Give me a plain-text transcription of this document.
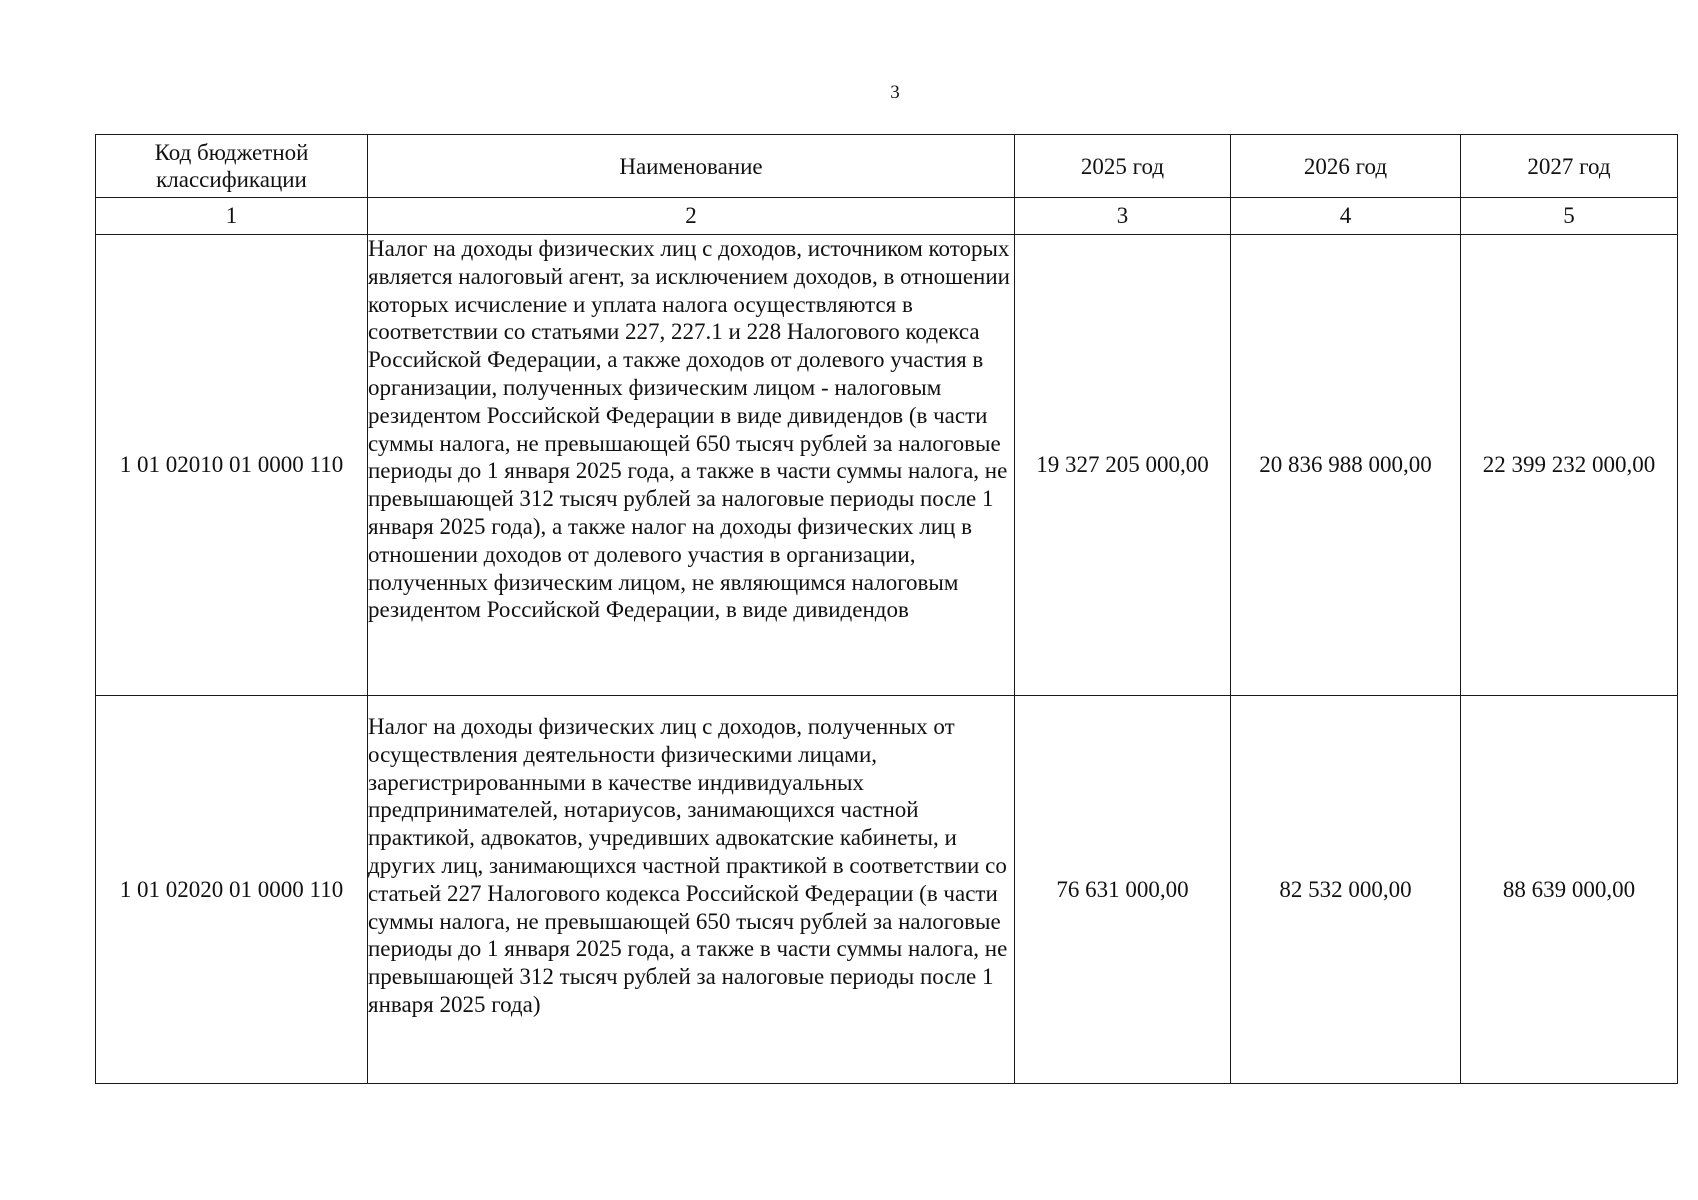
3
Код бюджетной классификации	Наименование	2025 год	2026 год	2027 год
1	2	3	4	5
1 01 02010 01 0000 110	Налог на доходы физических лиц с доходов, источником которых является налоговый агент, за исключением доходов, в отношении которых исчисление и уплата налога осуществляются в соответствии со статьями 227, 227.1 и 228 Налогового кодекса Российской Федерации, а также доходов от долевого участия в организации, полученных физическим лицом - налоговым резидентом Российской Федерации в виде дивидендов (в части суммы налога, не превышающей 650 тысяч рублей за налоговые периоды до 1 января 2025 года, а также в части суммы налога, не превышающей 312 тысяч рублей за налоговые периоды после 1 января 2025 года), а также налог на доходы физических лиц в отношении доходов от долевого участия в организации, полученных физическим лицом, не являющимся налоговым резидентом Российской Федерации, в виде дивидендов	19 327 205 000,00	20 836 988 000,00	22 399 232 000,00
1 01 02020 01 0000 110	Налог на доходы физических лиц с доходов, полученных от осуществления деятельности физическими лицами, зарегистрированными в качестве индивидуальных предпринимателей, нотариусов, занимающихся частной практикой, адвокатов, учредивших адвокатские кабинеты, и других лиц, занимающихся частной практикой в соответствии со статьей 227 Налогового кодекса Российской Федерации (в части суммы налога, не превышающей 650 тысяч рублей за налоговые периоды до 1 января 2025 года, а также в части суммы налога, не превышающей 312 тысяч рублей за налоговые периоды после 1 января 2025 года)	76 631 000,00	82 532 000,00	88 639 000,00
